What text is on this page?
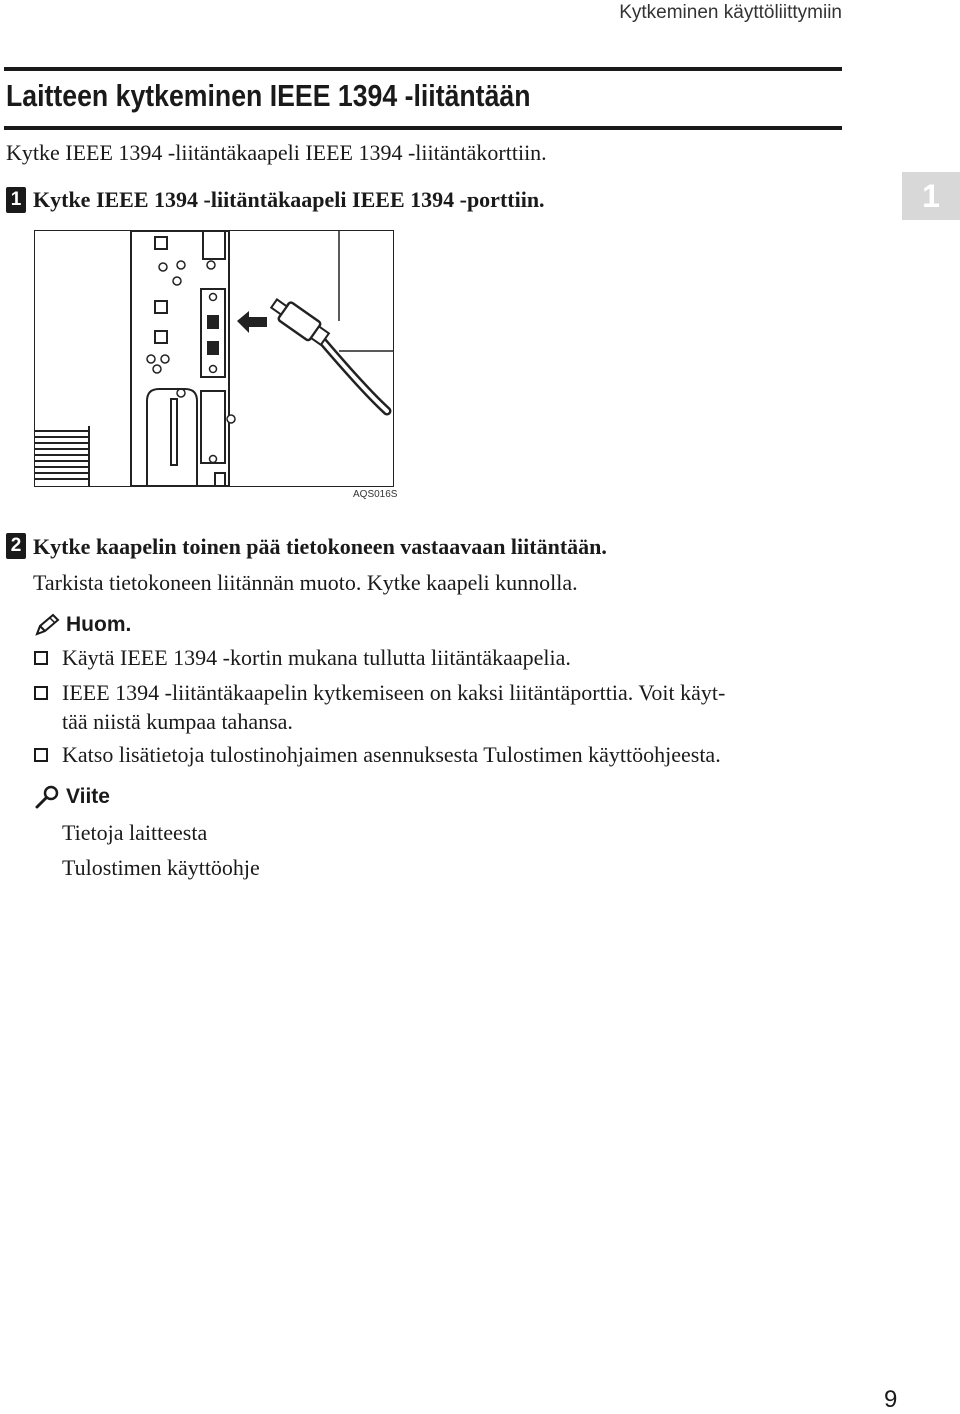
Kytkeminen käyttöliittymiin
Laitteen kytkeminen IEEE 1394 -liitäntään
Kytke IEEE 1394 -liitäntäkaapeli IEEE 1394 -liitäntäkorttiin.
1
1 Kytke IEEE 1394 -liitäntäkaapeli IEEE 1394 -porttiin.
AQS016S
2 Kytke kaapelin toinen pää tietokoneen vastaavaan liitäntään.
Tarkista tietokoneen liitännän muoto. Kytke kaapeli kunnolla.
Huom.
Käytä IEEE 1394 -kortin mukana tullutta liitäntäkaapelia.
IEEE 1394 -liitäntäkaapelin kytkemiseen on kaksi liitäntäporttia. Voit käyt-
tää niistä kumpaa tahansa.
Katso lisätietoja tulostinohjaimen asennuksesta Tulostimen käyttöohjeesta.
Viite
Tietoja laitteesta
Tulostimen käyttöohje
9
